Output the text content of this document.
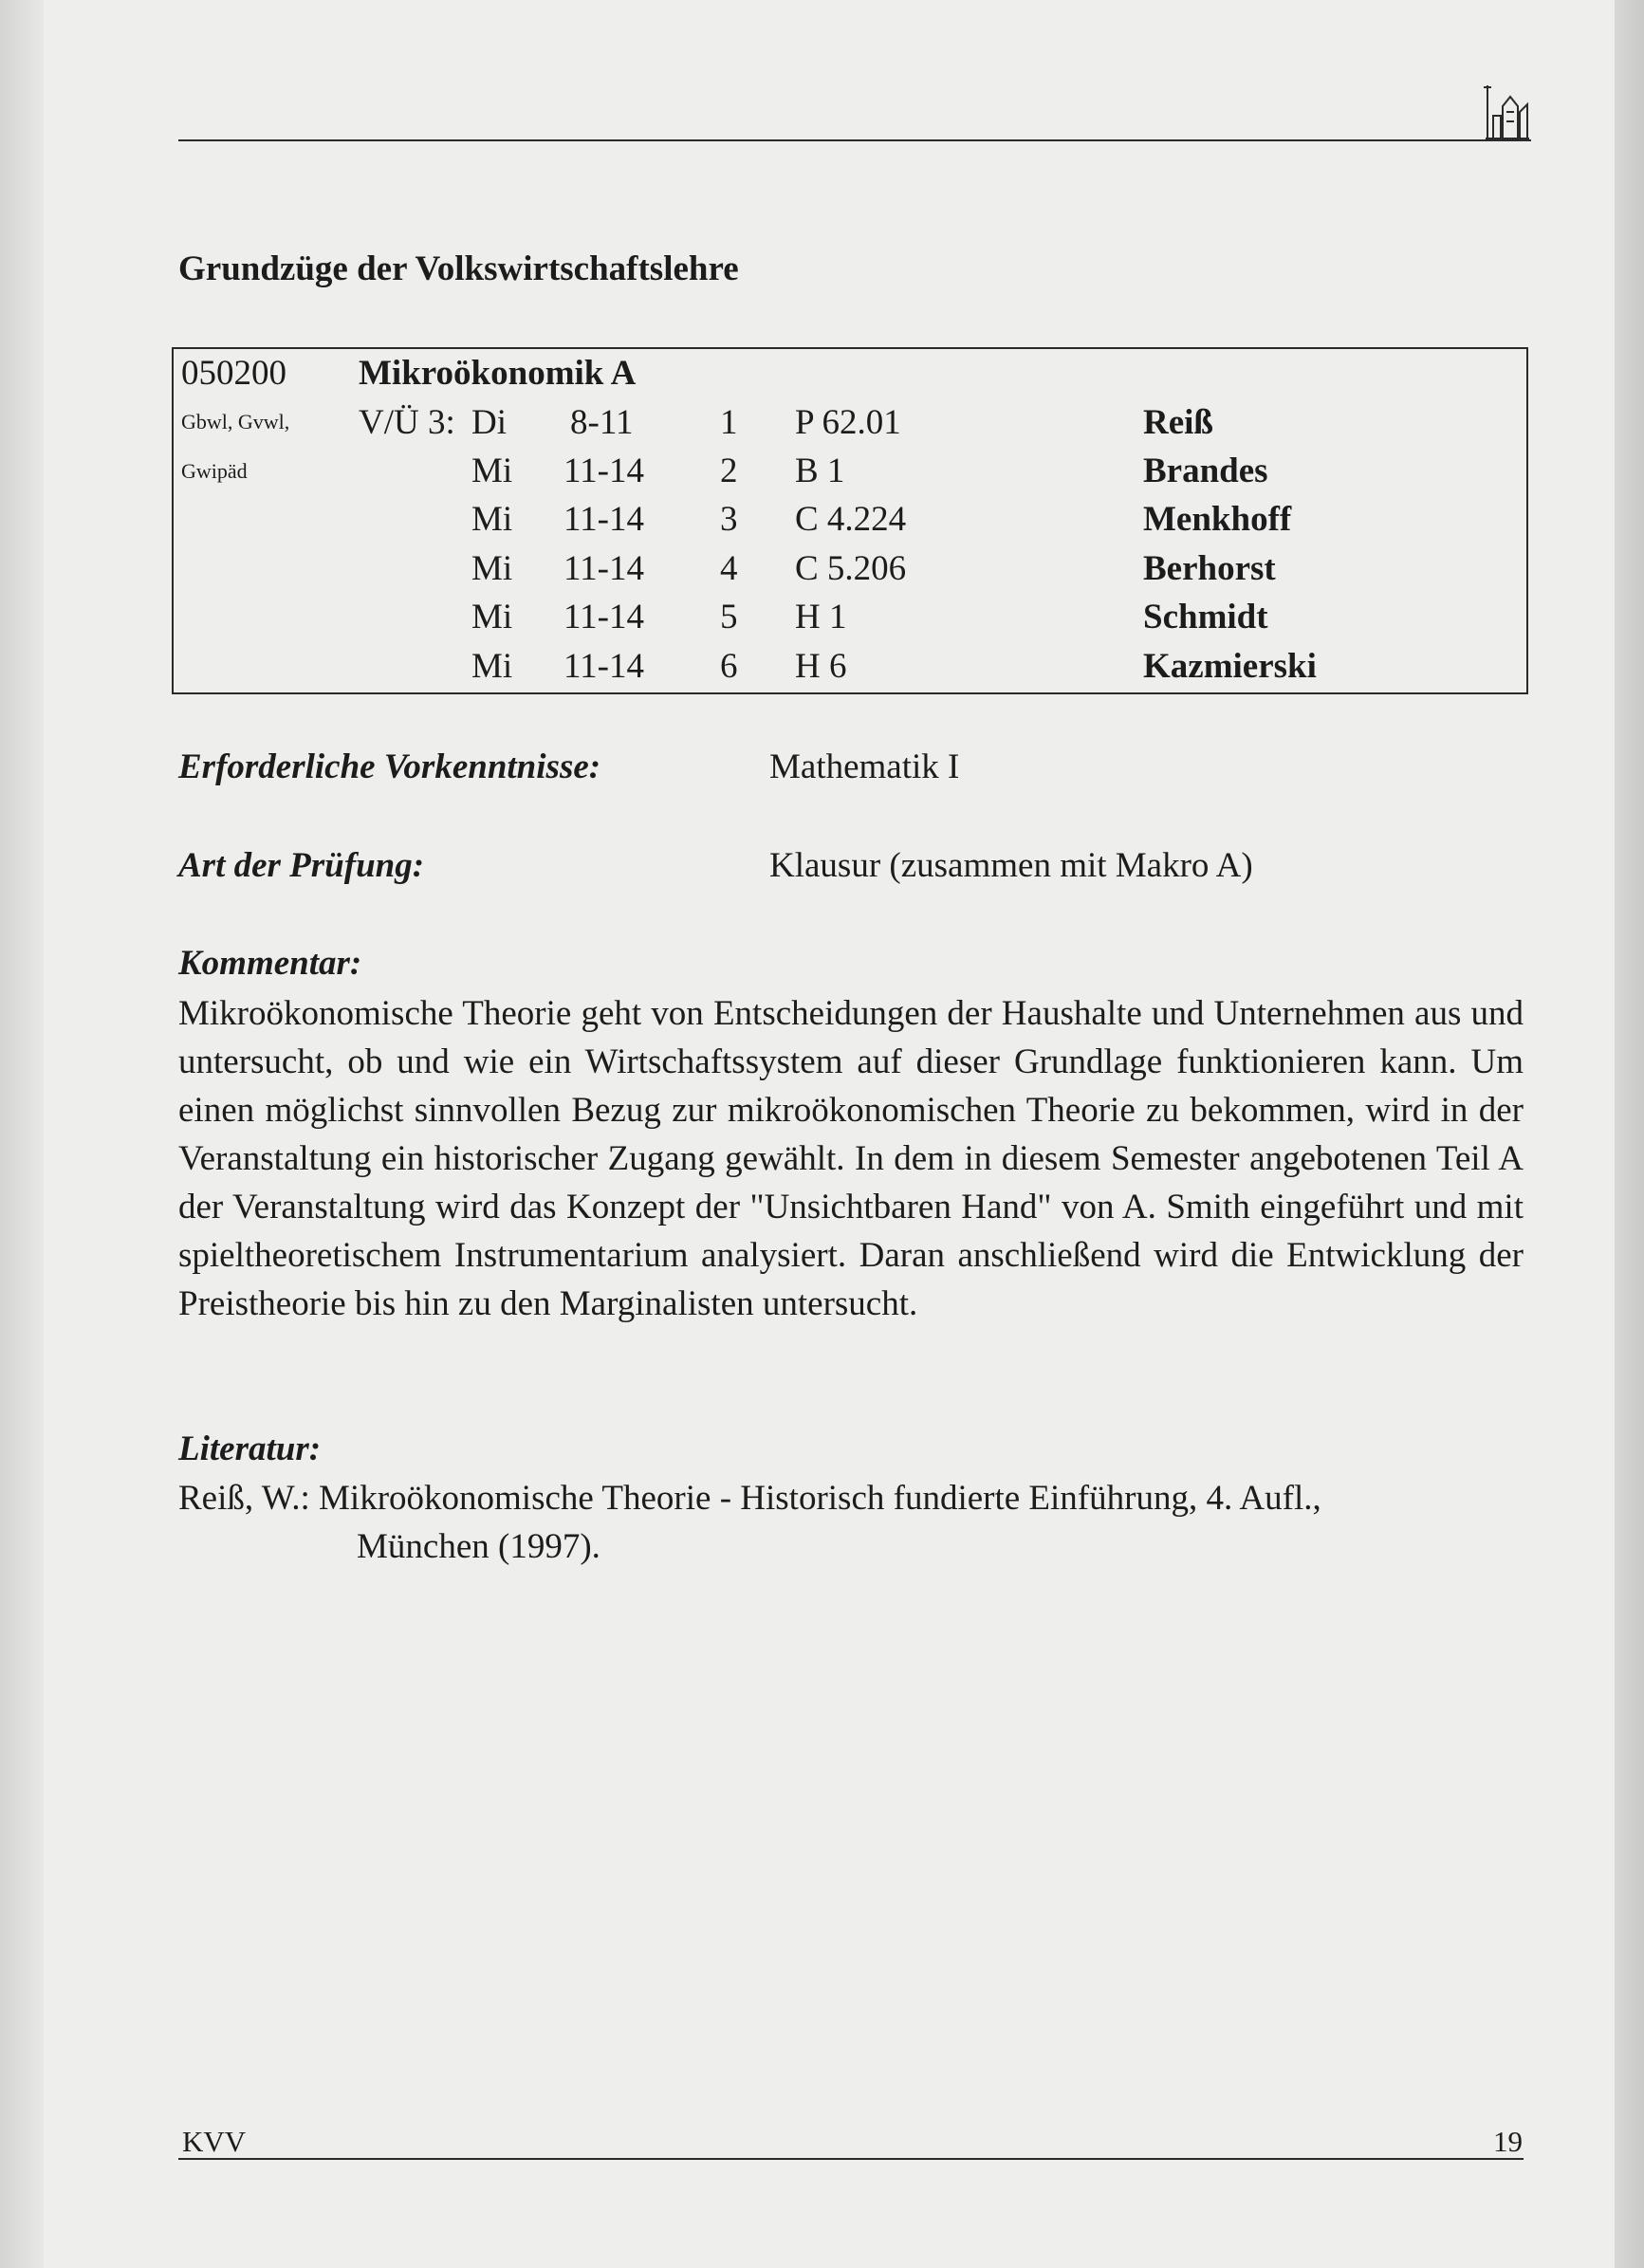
Grundzüge der Volkswirtschaftslehre
050200 Mikroökonomik A
Gbwl, Gvwl,
Gwipäd
V/Ü 3: Di 8-11 1 P 62.01	Reiß
Mi 11-14 2 B 1	Brandes
Mi 11-14 3 C 4.224	Menkhoff
Mi 11-14 4 C 5.206	Berhorst
Mi 11-14 5 H 1	Schmidt
Mi 11-14 6 H 6	Kazmierski
Erforderliche Vorkenntnisse:	Mathematik I
Art der Prüfung:	Klausur (zusammen mit Makro A)
Kommentar:
Mikroökonomische Theorie geht von Entscheidungen der Haushalte und Unternehmen aus und untersucht, ob und wie ein Wirtschaftssystem auf dieser Grundlage funktionieren kann. Um einen möglichst sinnvollen Bezug zur mikroökonomischen Theorie zu bekommen, wird in der Veranstaltung ein historischer Zugang gewählt. In dem in diesem Semester angebotenen Teil A der Veranstaltung wird das Konzept der "Unsichtbaren Hand" von A. Smith eingeführt und mit spieltheoretischem Instrumentarium analysiert. Daran anschließend wird die Entwicklung der Preistheorie bis hin zu den Marginalisten untersucht.
Literatur:
Reiß, W.: Mikroökonomische Theorie - Historisch fundierte Einführung, 4. Aufl.,
München (1997).
KVV	19
